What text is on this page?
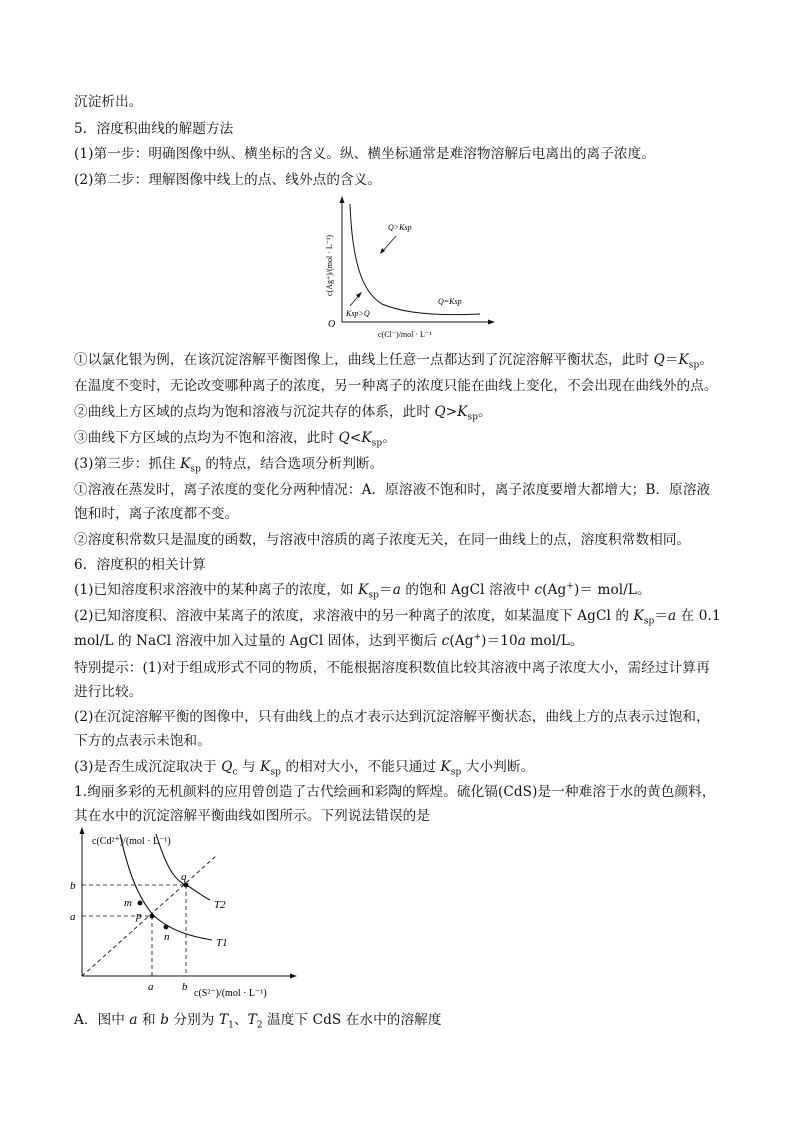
沉淀析出。
5．溶度积曲线的解题方法
(1)第一步：明确图像中纵、横坐标的含义。纵、横坐标通常是难溶物溶解后电离出的离子浓度。
(2)第二步：理解图像中线上的点、线外点的含义。
c(Ag⁺)/(mol · L⁻¹)
O
c(Cl⁻)/mol · L⁻¹
Q>Ksp
Q=Ksp
Ksp>Q
①以氯化银为例，在该沉淀溶解平衡图像上，曲线上任意一点都达到了沉淀溶解平衡状态，此时 $Q=K_{sp}$。
在温度不变时，无论改变哪种离子的浓度，另一种离子的浓度只能在曲线上变化，不会出现在曲线外的点。
②曲线上方区域的点均为饱和溶液与沉淀共存的体系，此时 $Q>K_{sp}$。
③曲线下方区域的点均为不饱和溶液，此时 $Q<K_{sp}$。
(3)第三步：抓住 $K_{sp}$ 的特点，结合选项分析判断。
①溶液在蒸发时，离子浓度的变化分两种情况：A．原溶液不饱和时，离子浓度要增大都增大；B．原溶液
饱和时，离子浓度都不变。
②溶度积常数只是温度的函数，与溶液中溶质的离子浓度无关，在同一曲线上的点，溶度积常数相同。
6．溶度积的相关计算
(1)已知溶度积求溶液中的某种离子的浓度，如 $K_{sp}=a$ 的饱和 AgCl 溶液中 c(Ag+)＝ mol/L。
(2)已知溶度积、溶液中某离子的浓度，求溶液中的另一种离子的浓度，如某温度下 AgCl 的 $K_{sp}=a$ 在 0.1
mol/L 的 NaCl 溶液中加入过量的 AgCl 固体，达到平衡后 c(Ag+)＝10a mol/L。
特别提示：(1)对于组成形式不同的物质，不能根据溶度积数值比较其溶液中离子浓度大小，需经过计算再
进行比较。
(2)在沉淀溶解平衡的图像中，只有曲线上的点才表示达到沉淀溶解平衡状态，曲线上方的点表示过饱和，
下方的点表示未饱和。
(3)是否生成沉淀取决于 $Q_c$ 与 $K_{sp}$ 的相对大小，不能只通过 $K_{sp}$ 大小判断。
1.绚丽多彩的无机颜料的应用曾创造了古代绘画和彩陶的辉煌。硫化镉(CdS)是一种难溶于水的黄色颜料，
其在水中的沉淀溶解平衡曲线如图所示。下列说法错误的是
c(Cd²⁺)/(mol · L⁻¹)
c(S²⁻)/(mol · L⁻¹)
q
m
p
n
T2
T1
b
a
a	b
A．图中 a 和 b 分别为 $T_1$、$T_2$ 温度下 CdS 在水中的溶解度
